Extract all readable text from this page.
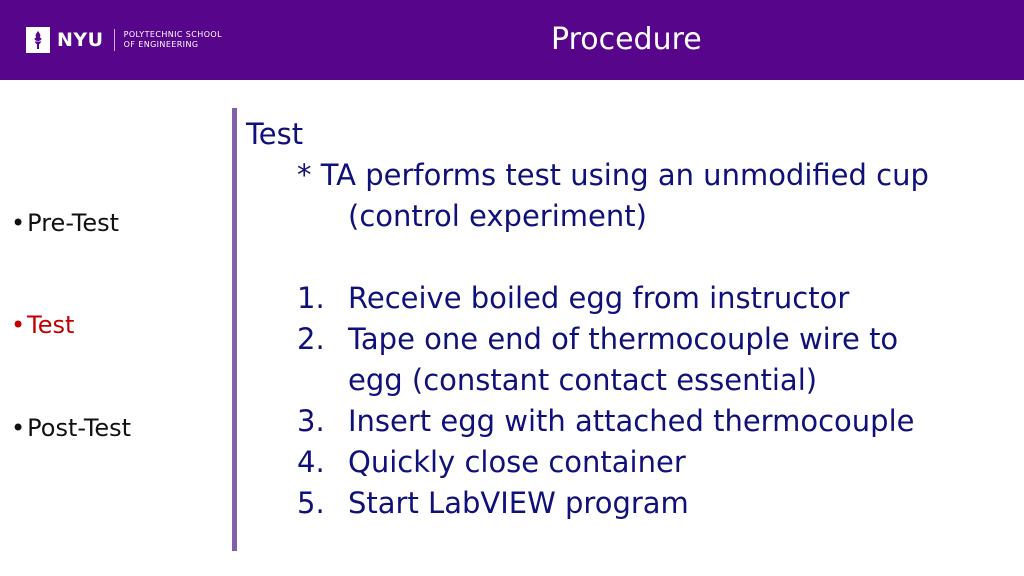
NYU	POLYTECHNIC SCHOOL
OF ENGINEERING	Procedure
•Pre-Test
•Test
•Post-Test
Test
* TA performs test using an unmodified cup
(control experiment)
1. Receive boiled egg from instructor
2. Tape one end of thermocouple wire to
egg (constant contact essential)
3. Insert egg with attached thermocouple
4. Quickly close container
5. Start LabVIEW program
